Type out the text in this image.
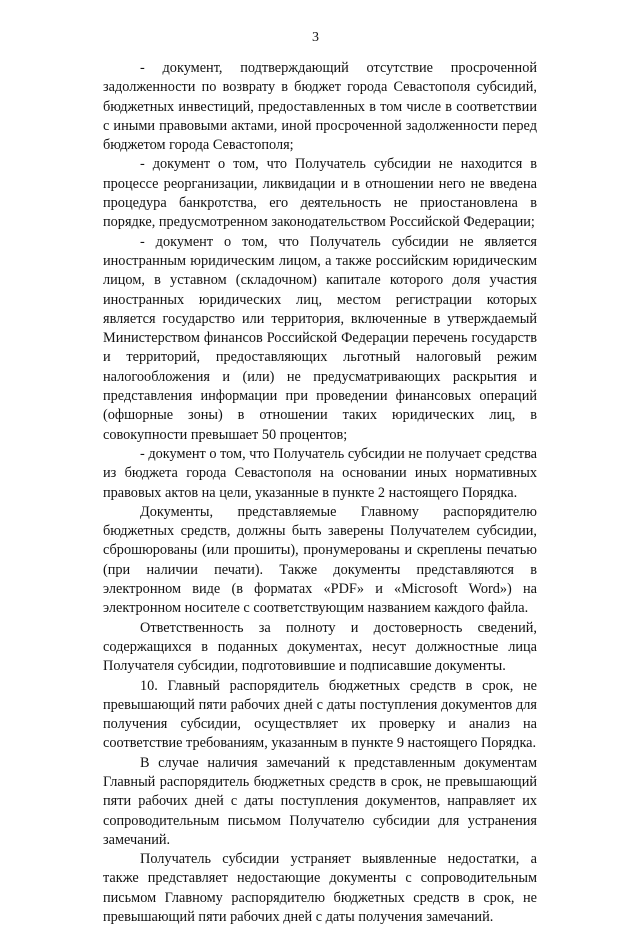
3

- документ, подтверждающий отсутствие просроченной задолженности по возврату в бюджет города Севастополя субсидий, бюджетных инвестиций, предоставленных в том числе в соответствии с иными правовыми актами, иной просроченной задолженности перед бюджетом города Севастополя;

- документ о том, что Получатель субсидии не находится в процессе реорганизации, ликвидации и в отношении него не введена процедура банкротства, его деятельность не приостановлена в порядке, предусмотренном законодательством Российской Федерации;

- документ о том, что Получатель субсидии не является иностранным юридическим лицом, а также российским юридическим лицом, в уставном (складочном) капитале которого доля участия иностранных юридических лиц, местом регистрации которых является государство или территория, включенные в утверждаемый Министерством финансов Российской Федерации перечень государств и территорий, предоставляющих льготный налоговый режим налогообложения и (или) не предусматривающих раскрытия и представления информации при проведении финансовых операций (офшорные зоны) в отношении таких юридических лиц, в совокупности превышает 50 процентов;

- документ о том, что Получатель субсидии не получает средства из бюджета города Севастополя на основании иных нормативных правовых актов на цели, указанные в пункте 2 настоящего Порядка.

Документы, представляемые Главному распорядителю бюджетных средств, должны быть заверены Получателем субсидии, сброшюрованы (или прошиты), пронумерованы и скреплены печатью (при наличии печати). Также документы представляются в электронном виде (в форматах «PDF» и «Microsoft Word») на электронном носителе с соответствующим названием каждого файла.

Ответственность за полноту и достоверность сведений, содержащихся в поданных документах, несут должностные лица Получателя субсидии, подготовившие и подписавшие документы.

10. Главный распорядитель бюджетных средств в срок, не превышающий пяти рабочих дней с даты поступления документов для получения субсидии, осуществляет их проверку и анализ на соответствие требованиям, указанным в пункте 9 настоящего Порядка.

В случае наличия замечаний к представленным документам Главный распорядитель бюджетных средств в срок, не превышающий пяти рабочих дней с даты поступления документов, направляет их сопроводительным письмом Получателю субсидии для устранения замечаний.

Получатель субсидии устраняет выявленные недостатки, а также представляет недостающие документы с сопроводительным письмом Главному распорядителю бюджетных средств в срок, не превышающий пяти рабочих дней с даты получения замечаний.
